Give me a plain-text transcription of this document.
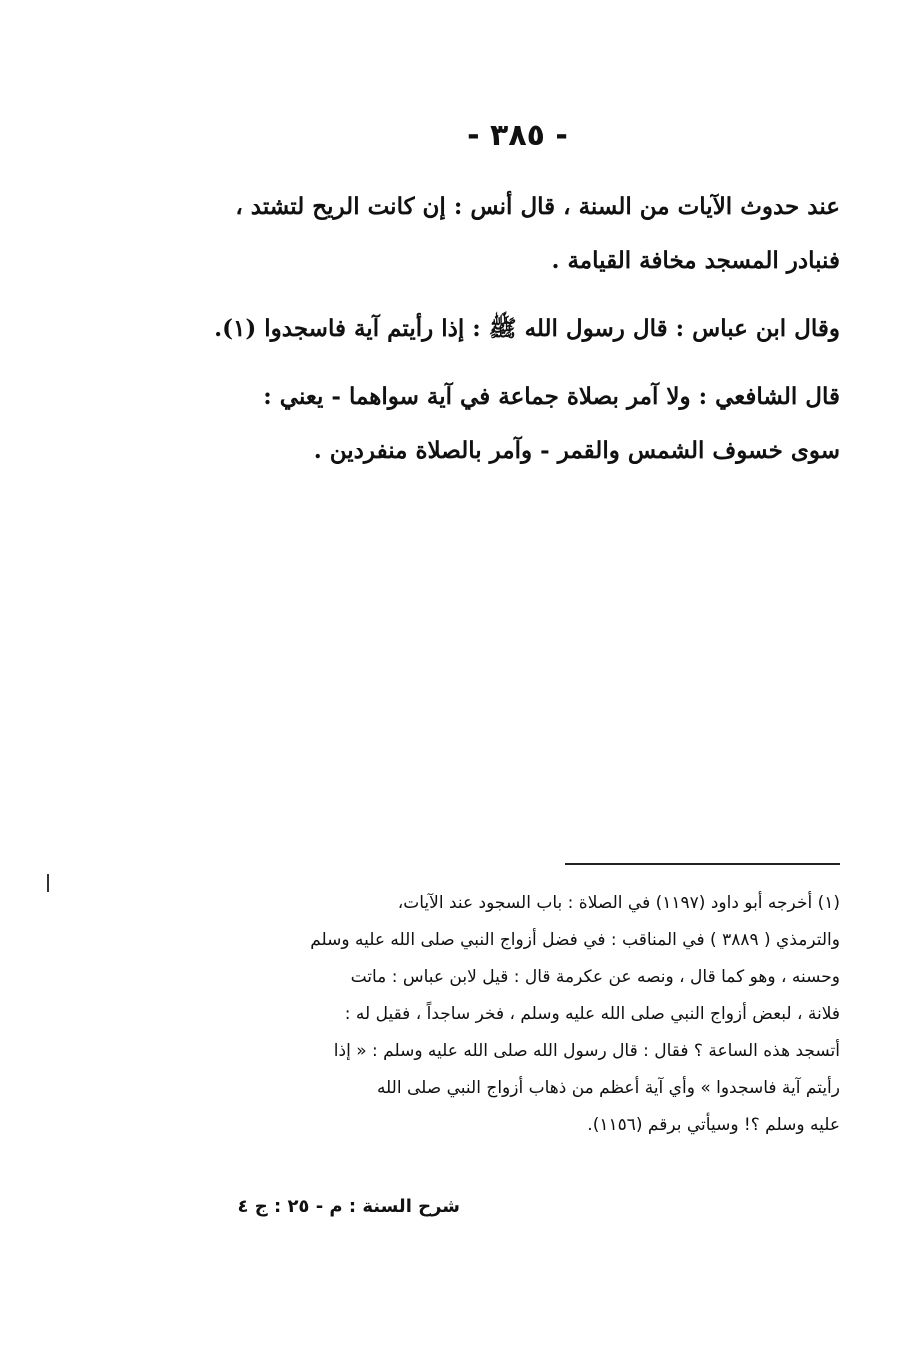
- ٣٨٥ -

عند حدوث الآيات من السنة ، قال أنس : إن كانت الريح لتشتد ،
فنبادر المسجد مخافة القيامة .

وقال ابن عباس : قال رسول الله ﷺ : إذا رأيتم آية فاسجدوا (١).

قال الشافعي : ولا آمر بصلاة جماعة في آية سواهما - يعني :
سوى خسوف الشمس والقمر - وآمر بالصلاة منفردين .

(١) أخرجه أبو داود (١١٩٧) في الصلاة : باب السجود عند الآيات،
والترمذي ( ٣٨٨٩ ) في المناقب : في فضل أزواج النبي صلى الله عليه وسلم
وحسنه ، وهو كما قال ، ونصه عن عكرمة قال : قيل لابن عباس : ماتت
فلانة ، لبعض أزواج النبي صلى الله عليه وسلم ، فخر ساجداً ، فقيل له :
أتسجد هذه الساعة ؟ فقال : قال رسول الله صلى الله عليه وسلم : « إذا
رأيتم آية فاسجدوا » وأي آية أعظم من ذهاب أزواج النبي صلى الله
عليه وسلم ؟! وسيأتي برقم (١١٥٦).
شرح السنة : م - ٢٥ : ج ٤
